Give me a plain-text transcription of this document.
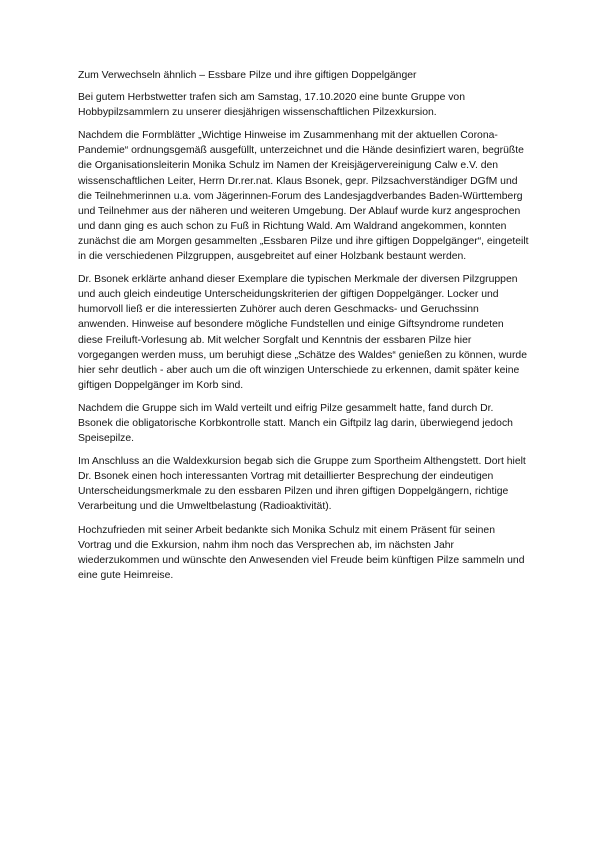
Zum Verwechseln ähnlich – Essbare Pilze und ihre giftigen Doppelgänger

Bei gutem Herbstwetter trafen sich am Samstag, 17.10.2020 eine bunte Gruppe von Hobbypilzsammlern zu unserer diesjährigen wissenschaftlichen Pilzexkursion.

Nachdem die Formblätter „Wichtige Hinweise im Zusammenhang mit der aktuellen Corona-Pandemie“ ordnungsgemäß ausgefüllt, unterzeichnet und die Hände desinfiziert waren, begrüßte die Organisationsleiterin Monika Schulz im Namen der Kreisjägervereinigung Calw e.V. den wissenschaftlichen Leiter, Herrn Dr.rer.nat. Klaus Bsonek, gepr. Pilzsachverständiger DGfM und die Teilnehmerinnen u.a. vom Jägerinnen-Forum des Landesjagdverbandes Baden-Württemberg und Teilnehmer aus der näheren und weiteren Umgebung. Der Ablauf wurde kurz angesprochen und dann ging es auch schon zu Fuß in Richtung Wald. Am Waldrand angekommen, konnten zunächst die am Morgen gesammelten „Essbaren Pilze und ihre giftigen Doppelgänger“, eingeteilt in die verschiedenen Pilzgruppen, ausgebreitet auf einer Holzbank bestaunt werden.

Dr. Bsonek erklärte anhand dieser Exemplare die typischen Merkmale der diversen Pilzgruppen und auch gleich eindeutige Unterscheidungskriterien der giftigen Doppelgänger. Locker und humorvoll ließ er die interessierten Zuhörer auch deren Geschmacks- und Geruchssinn anwenden. Hinweise auf besondere mögliche Fundstellen und einige Giftsyndrome rundeten diese Freiluft-Vorlesung ab. Mit welcher Sorgfalt und Kenntnis der essbaren Pilze hier vorgegangen werden muss, um beruhigt diese „Schätze des Waldes“ genießen zu können, wurde hier sehr deutlich - aber auch um die oft winzigen Unterschiede zu erkennen, damit später keine giftigen Doppelgänger im Korb sind.

Nachdem die Gruppe sich im Wald verteilt und eifrig Pilze gesammelt hatte, fand durch Dr. Bsonek die obligatorische Korbkontrolle statt. Manch ein Giftpilz lag darin, überwiegend jedoch Speisepilze.

Im Anschluss an die Waldexkursion begab sich die Gruppe zum Sportheim Althengstett. Dort hielt Dr. Bsonek einen hoch interessanten Vortrag mit detaillierter Besprechung der eindeutigen Unterscheidungsmerkmale zu den essbaren Pilzen und ihren giftigen Doppelgängern, richtige Verarbeitung und die Umweltbelastung (Radioaktivität).

Hochzufrieden mit seiner Arbeit bedankte sich Monika Schulz mit einem Präsent für seinen Vortrag und die Exkursion, nahm ihm noch das Versprechen ab, im nächsten Jahr wiederzukommen und wünschte den Anwesenden viel Freude beim künftigen Pilze sammeln und eine gute Heimreise.
